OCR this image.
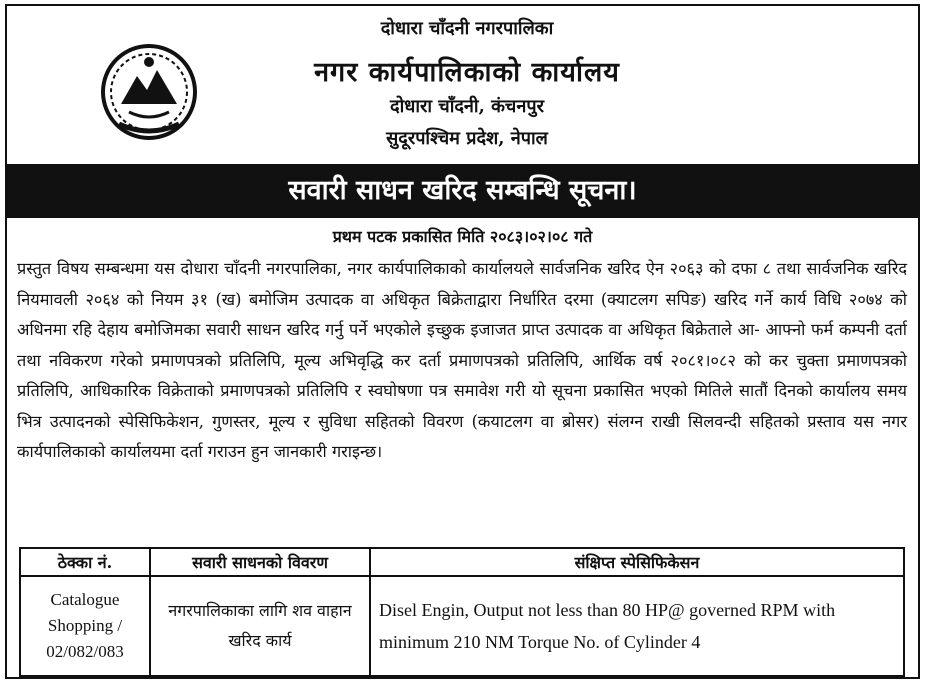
दोधारा चाँदनी नगरपालिका
नगर कार्यपालिकाको कार्यालय
दोधारा चाँदनी, कंचनपुर
सुदूरपश्चिम प्रदेश, नेपाल
सवारी साधन खरिद सम्बन्धि सूचना।
प्रथम पटक प्रकासित मिति २०८३।०२।०८ गते
प्रस्तुत विषय सम्बन्धमा यस दोधारा चाँदनी नगरपालिका, नगर कार्यपालिकाको कार्यालयले सार्वजनिक खरिद ऐन २०६३ को दफा ८ तथा सार्वजनिक खरिद नियमावली २०६४ को नियम ३१ (ख) बमोजिम उत्पादक वा अधिकृत बिक्रेताद्वारा निर्धारित दरमा (क्याटलग सपिङ) खरिद गर्ने कार्य विधि २०७४ को अधिनमा रहि देहाय बमोजिमका सवारी साधन खरिद गर्नु पर्ने भएकोले इच्छुक इजाजत प्राप्त उत्पादक वा अधिकृत बिक्रेताले आ- आफ्नो फर्म कम्पनी दर्ता तथा नविकरण गरेको प्रमाणपत्रको प्रतिलिपि, मूल्य अभिवृद्धि कर दर्ता प्रमाणपत्रको प्रतिलिपि, आर्थिक वर्ष २०८१।०८२ को कर चुक्ता प्रमाणपत्रको प्रतिलिपि, आधिकारिक विक्रेताको प्रमाणपत्रको प्रतिलिपि र स्वघोषणा पत्र समावेश गरी यो सूचना प्रकासित भएको मितिले सातौं दिनको कार्यालय समय भित्र उत्पादनको स्पेसिफिकेशन, गुणस्तर, मूल्य र सुविधा सहितको विवरण (कयाटलग वा ब्रोसर) संलग्न राखी सिलवन्दी सहितको प्रस्ताव यस नगर कार्यपालिकाको कार्यालयमा दर्ता गराउन हुन जानकारी गराइन्छ।
ठेक्का नं.	सवारी साधनको विवरण	संक्षिप्त स्पेसिफिकेसन
Catalogue Shopping / 02/082/083	नगरपालिकाका लागि शव वाहान खरिद कार्य	Disel Engin, Output not less than 80 HP@ governed RPM with minimum 210 NM Torque No. of Cylinder 4
